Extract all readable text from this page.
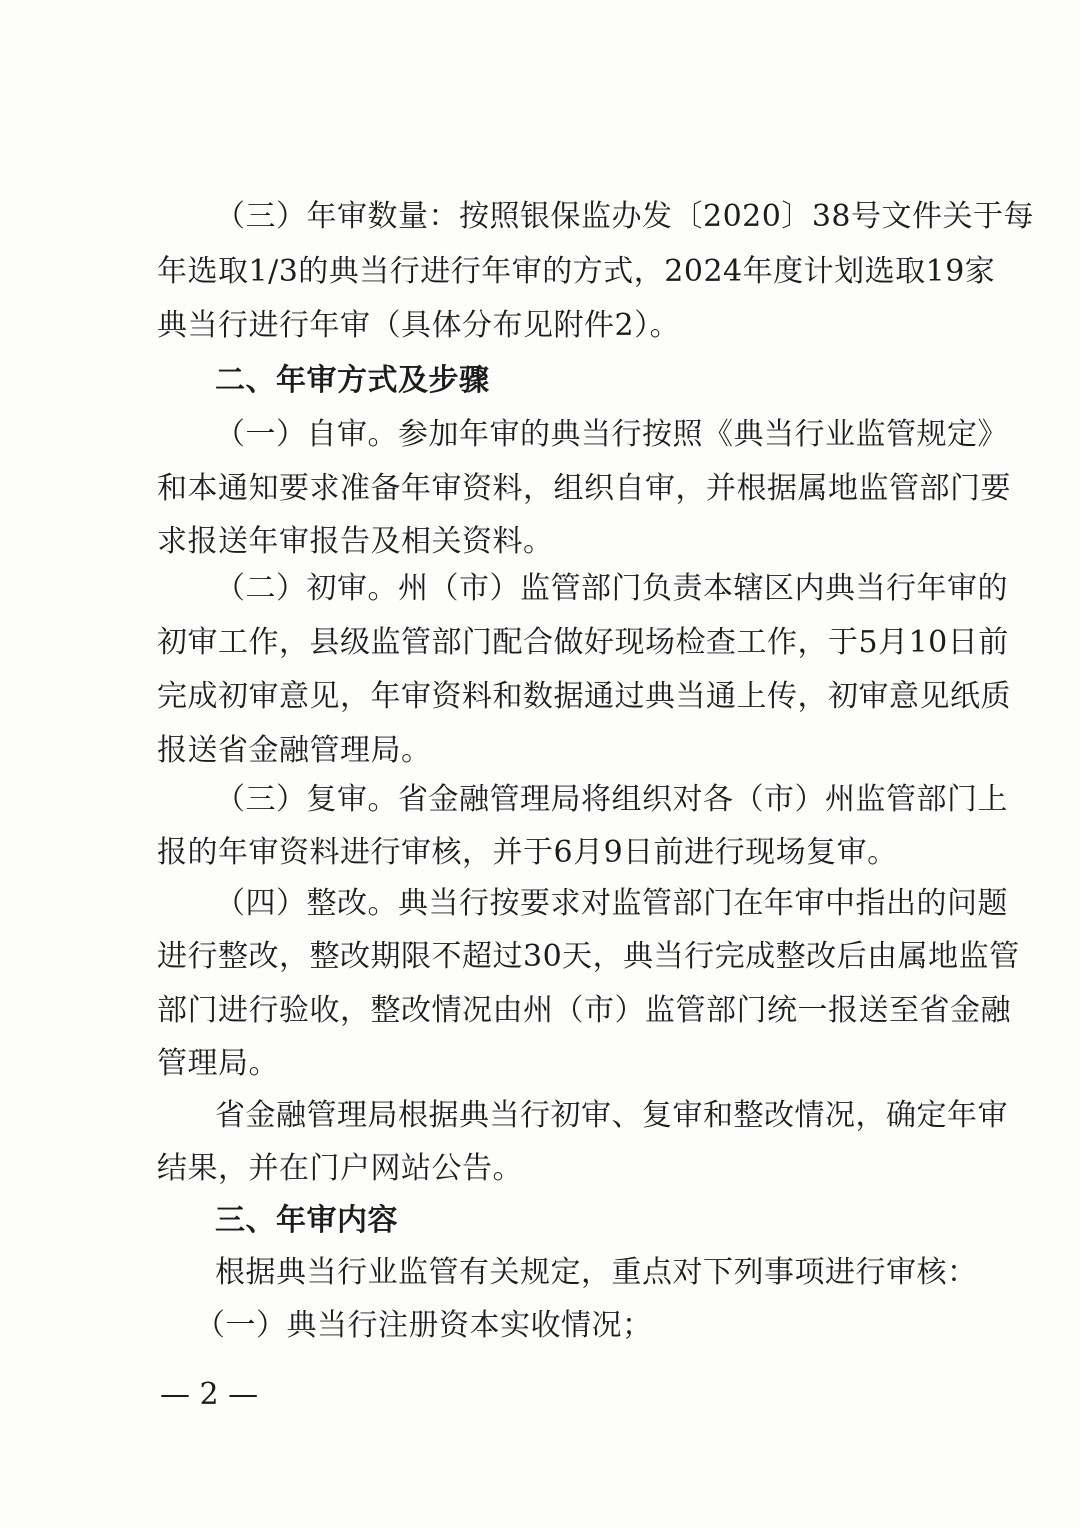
（三）年审数量：按照银保监办发〔2020〕38号文件关于每
年选取1/3的典当行进行年审的方式，2024年度计划选取19家
典当行进行年审（具体分布见附件2）。
二、年审方式及步骤
（一）自审。参加年审的典当行按照《典当行业监管规定》
和本通知要求准备年审资料，组织自审，并根据属地监管部门要
求报送年审报告及相关资料。
（二）初审。州（市）监管部门负责本辖区内典当行年审的
初审工作，县级监管部门配合做好现场检查工作，于5月10日前
完成初审意见，年审资料和数据通过典当通上传，初审意见纸质
报送省金融管理局。
（三）复审。省金融管理局将组织对各（市）州监管部门上
报的年审资料进行审核，并于6月9日前进行现场复审。
（四）整改。典当行按要求对监管部门在年审中指出的问题
进行整改，整改期限不超过30天，典当行完成整改后由属地监管
部门进行验收，整改情况由州（市）监管部门统一报送至省金融
管理局。
省金融管理局根据典当行初审、复审和整改情况，确定年审
结果，并在门户网站公告。
三、年审内容
根据典当行业监管有关规定，重点对下列事项进行审核：
（一）典当行注册资本实收情况；
— 2 —
